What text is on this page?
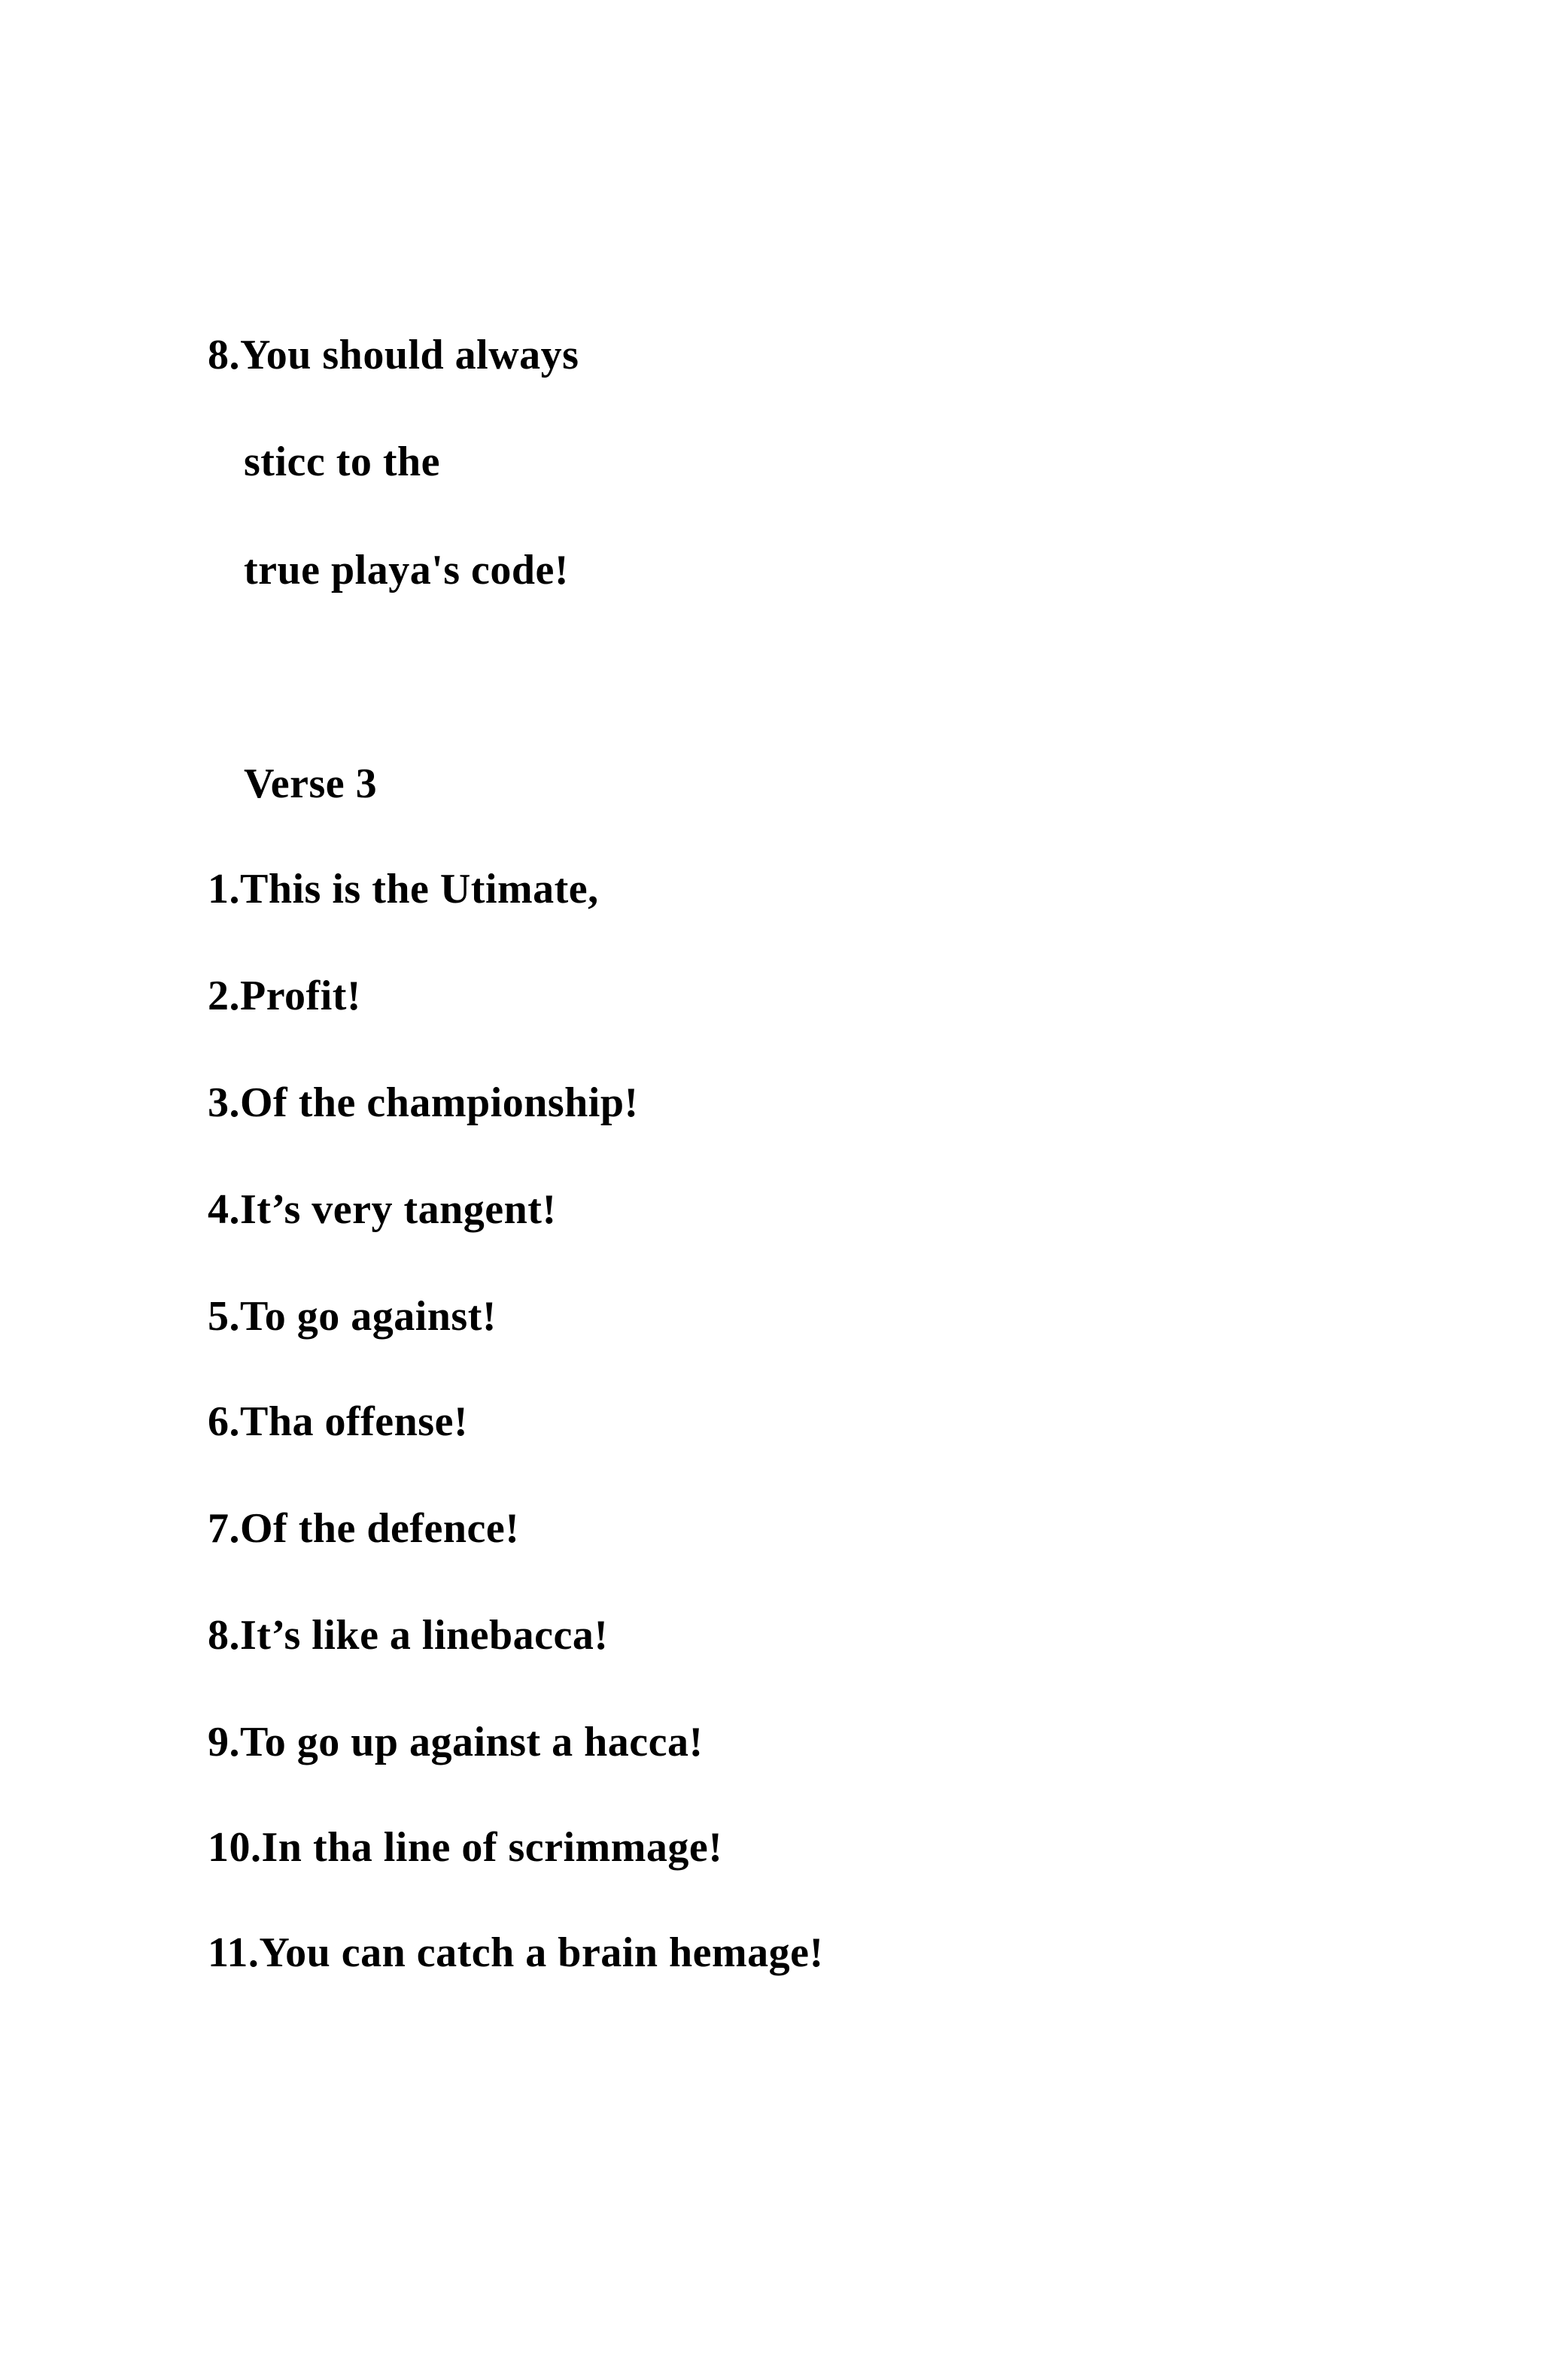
8.You should always
sticc to the
true playa's code!
Verse 3
1.This is the Utimate,
2.Profit!
3.Of the championship!
4.It’s very tangent!
5.To go against!
6.Tha offense!
7.Of the defence!
8.It’s like a linebacca!
9.To go up against a hacca!
10.In tha line of scrimmage!
11.You can catch a brain hemage!
